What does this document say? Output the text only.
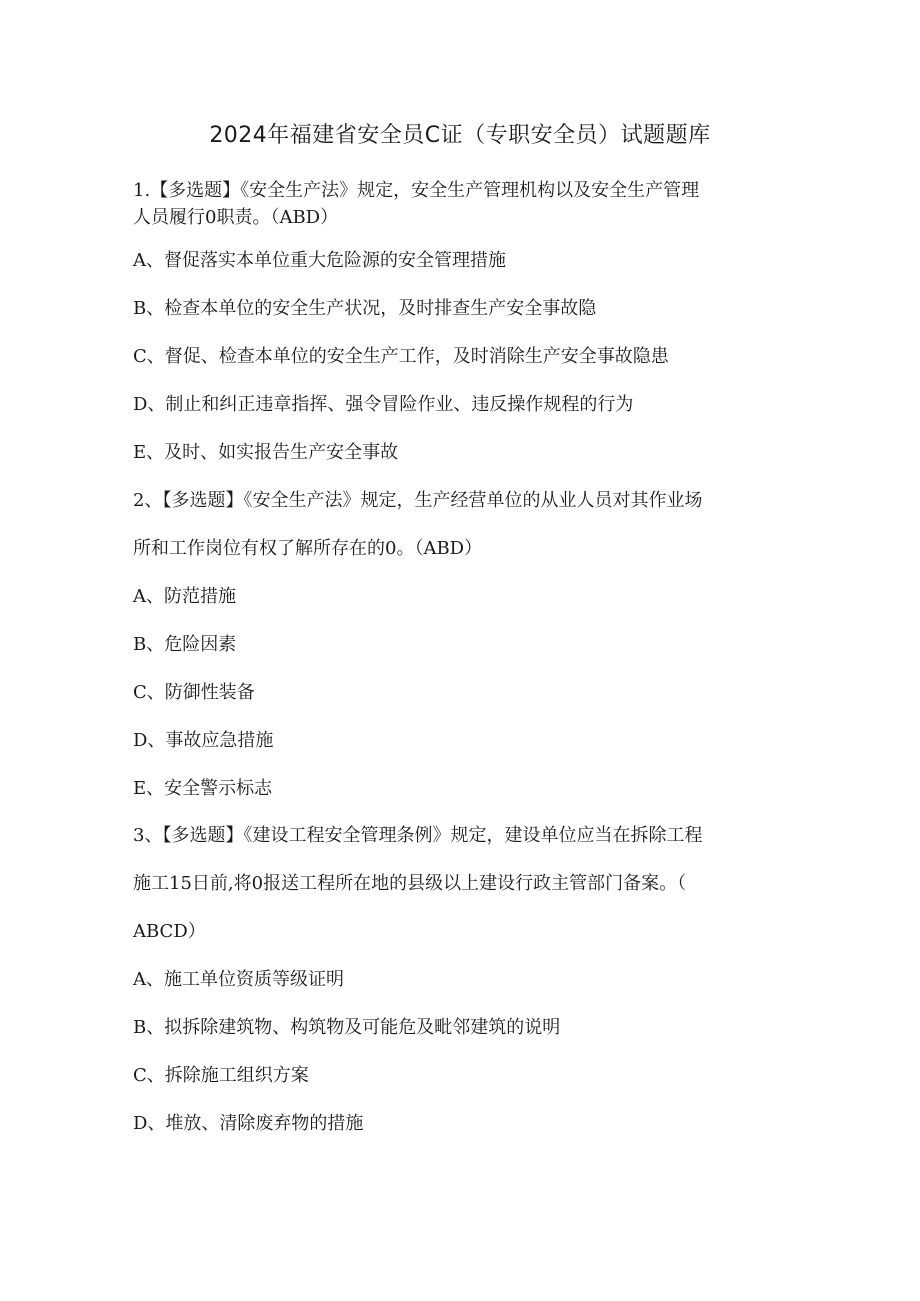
2024年福建省安全员C证（专职安全员）试题题库

1.【多选题】《安全生产法》规定，安全生产管理机构以及安全生产管理

人员履行0职责。（ABD）

A、督促落实本单位重大危险源的安全管理措施

B、检查本单位的安全生产状况，及时排查生产安全事故隐

C、督促、检查本单位的安全生产工作，及时消除生产安全事故隐患

D、制止和纠正违章指挥、强令冒险作业、违反操作规程的行为

E、及时、如实报告生产安全事故

2、【多选题】《安全生产法》规定，生产经营单位的从业人员对其作业场

所和工作岗位有权了解所存在的0。（ABD）

A、防范措施

B、危险因素

C、防御性装备

D、事故应急措施

E、安全警示标志

3、【多选题】《建设工程安全管理条例》规定，建设单位应当在拆除工程

施工15日前,将0报送工程所在地的县级以上建设行政主管部门备案。（

ABCD）

A、施工单位资质等级证明

B、拟拆除建筑物、构筑物及可能危及毗邻建筑的说明

C、拆除施工组织方案

D、堆放、清除废弃物的措施
